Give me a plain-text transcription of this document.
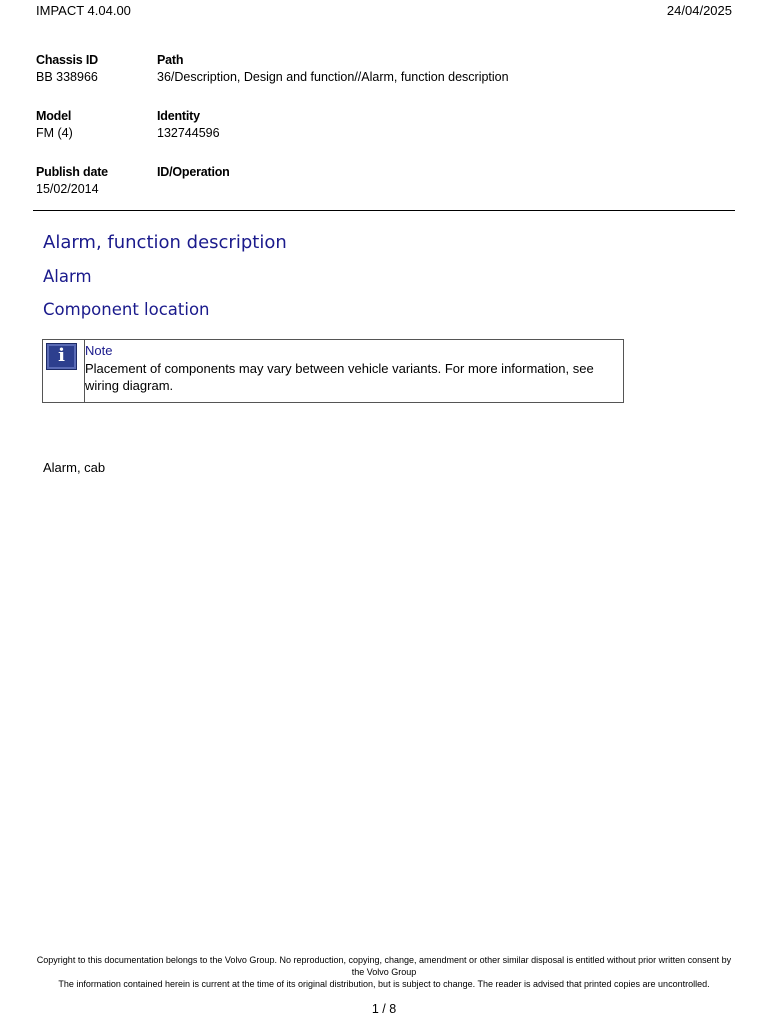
IMPACT 4.04.00	24/04/2025
Chassis ID
BB 338966
Path
36/Description, Design and function//Alarm, function description
Model
FM (4)
Identity
132744596
Publish date
15/02/2014
ID/Operation
Alarm, function description
Alarm
Component location
i	Note
Placement of components may vary between vehicle variants. For more information, see wiring diagram.
Alarm, cab
Copyright to this documentation belongs to the Volvo Group. No reproduction, copying, change, amendment or other similar disposal is entitled without prior written consent by the Volvo Group
The information contained herein is current at the time of its original distribution, but is subject to change. The reader is advised that printed copies are uncontrolled.
1 / 8
